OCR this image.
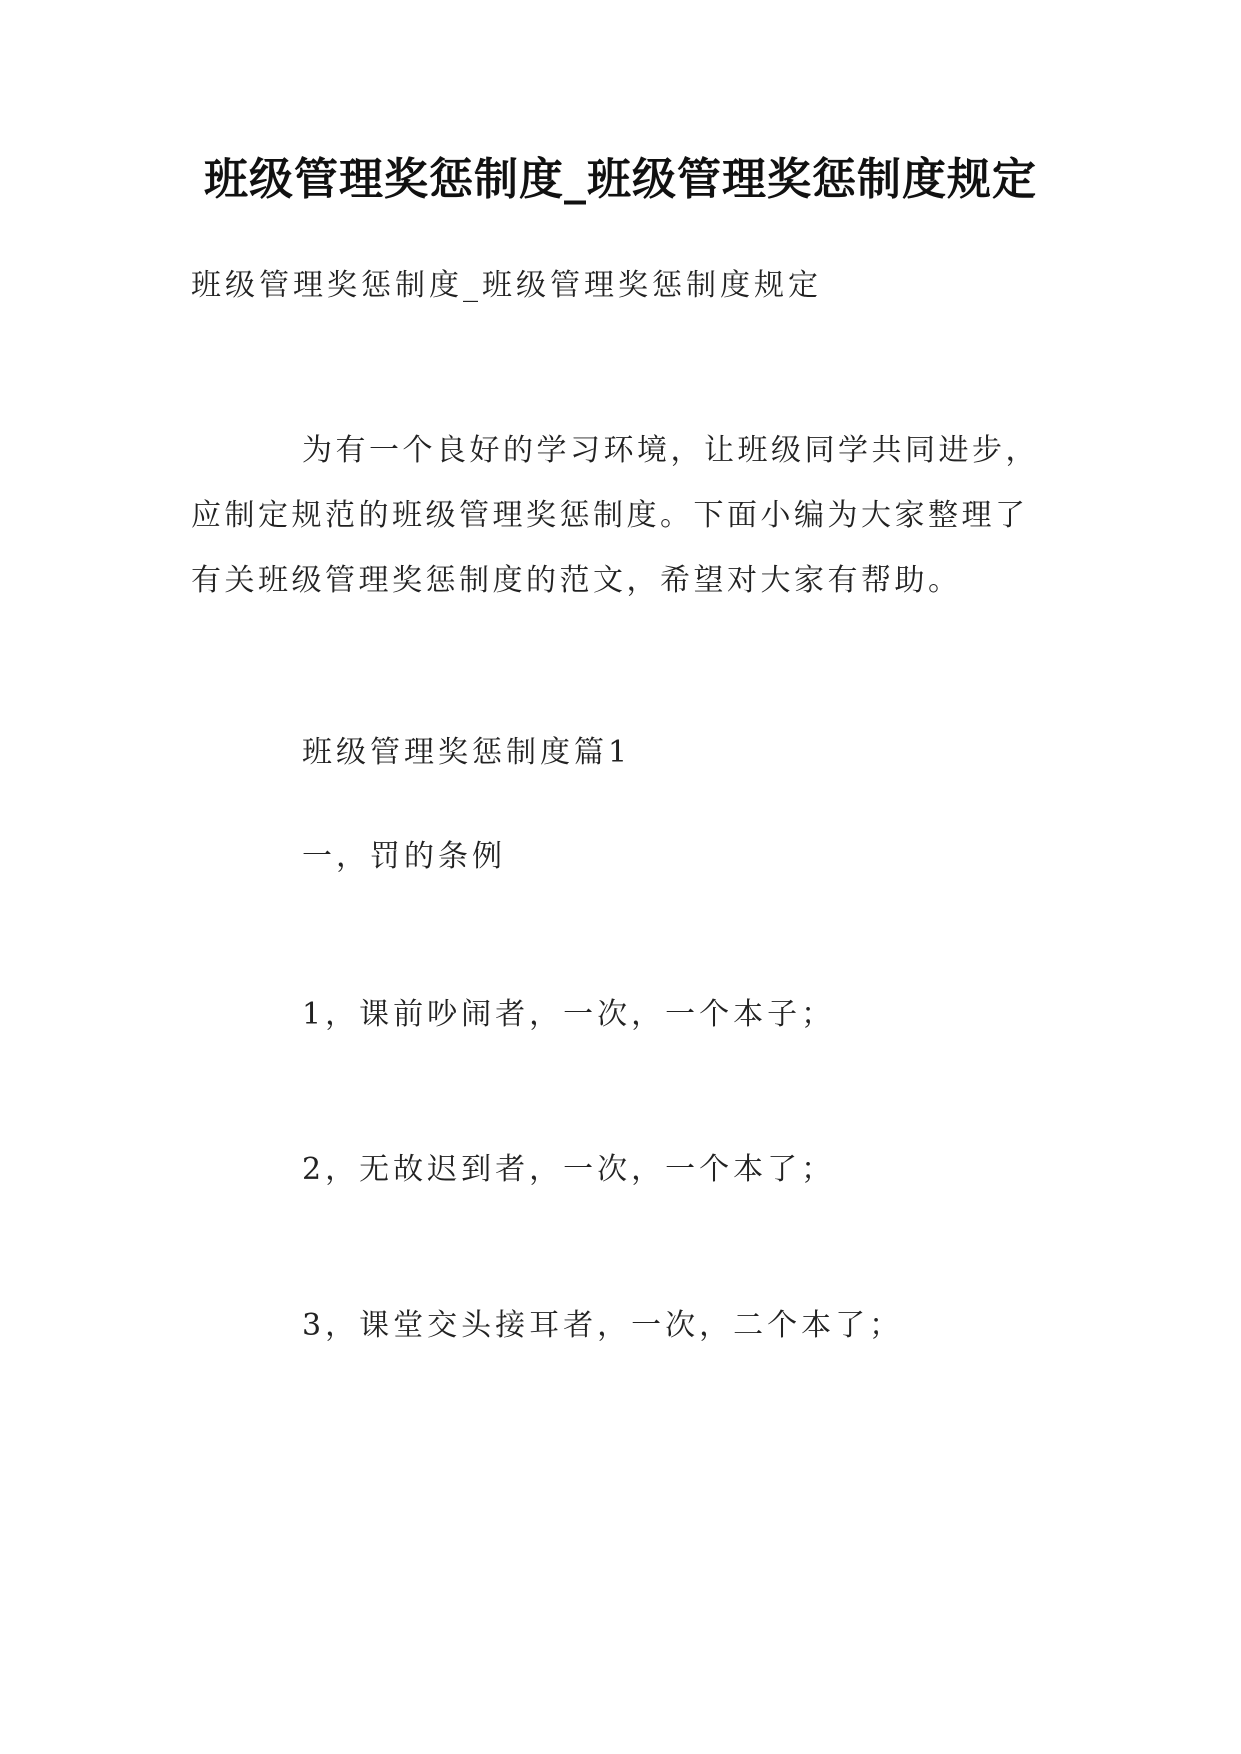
班级管理奖惩制度_班级管理奖惩制度规定
班级管理奖惩制度_班级管理奖惩制度规定
为有一个良好的学习环境，让班级同学共同进步，应制定规范的班级管理奖惩制度。下面小编为大家整理了有关班级管理奖惩制度的范文，希望对大家有帮助。
班级管理奖惩制度篇1
一，罚的条例
1，课前吵闹者，一次，一个本子；
2，无故迟到者，一次，一个本了；
3，课堂交头接耳者，一次，二个本了；
